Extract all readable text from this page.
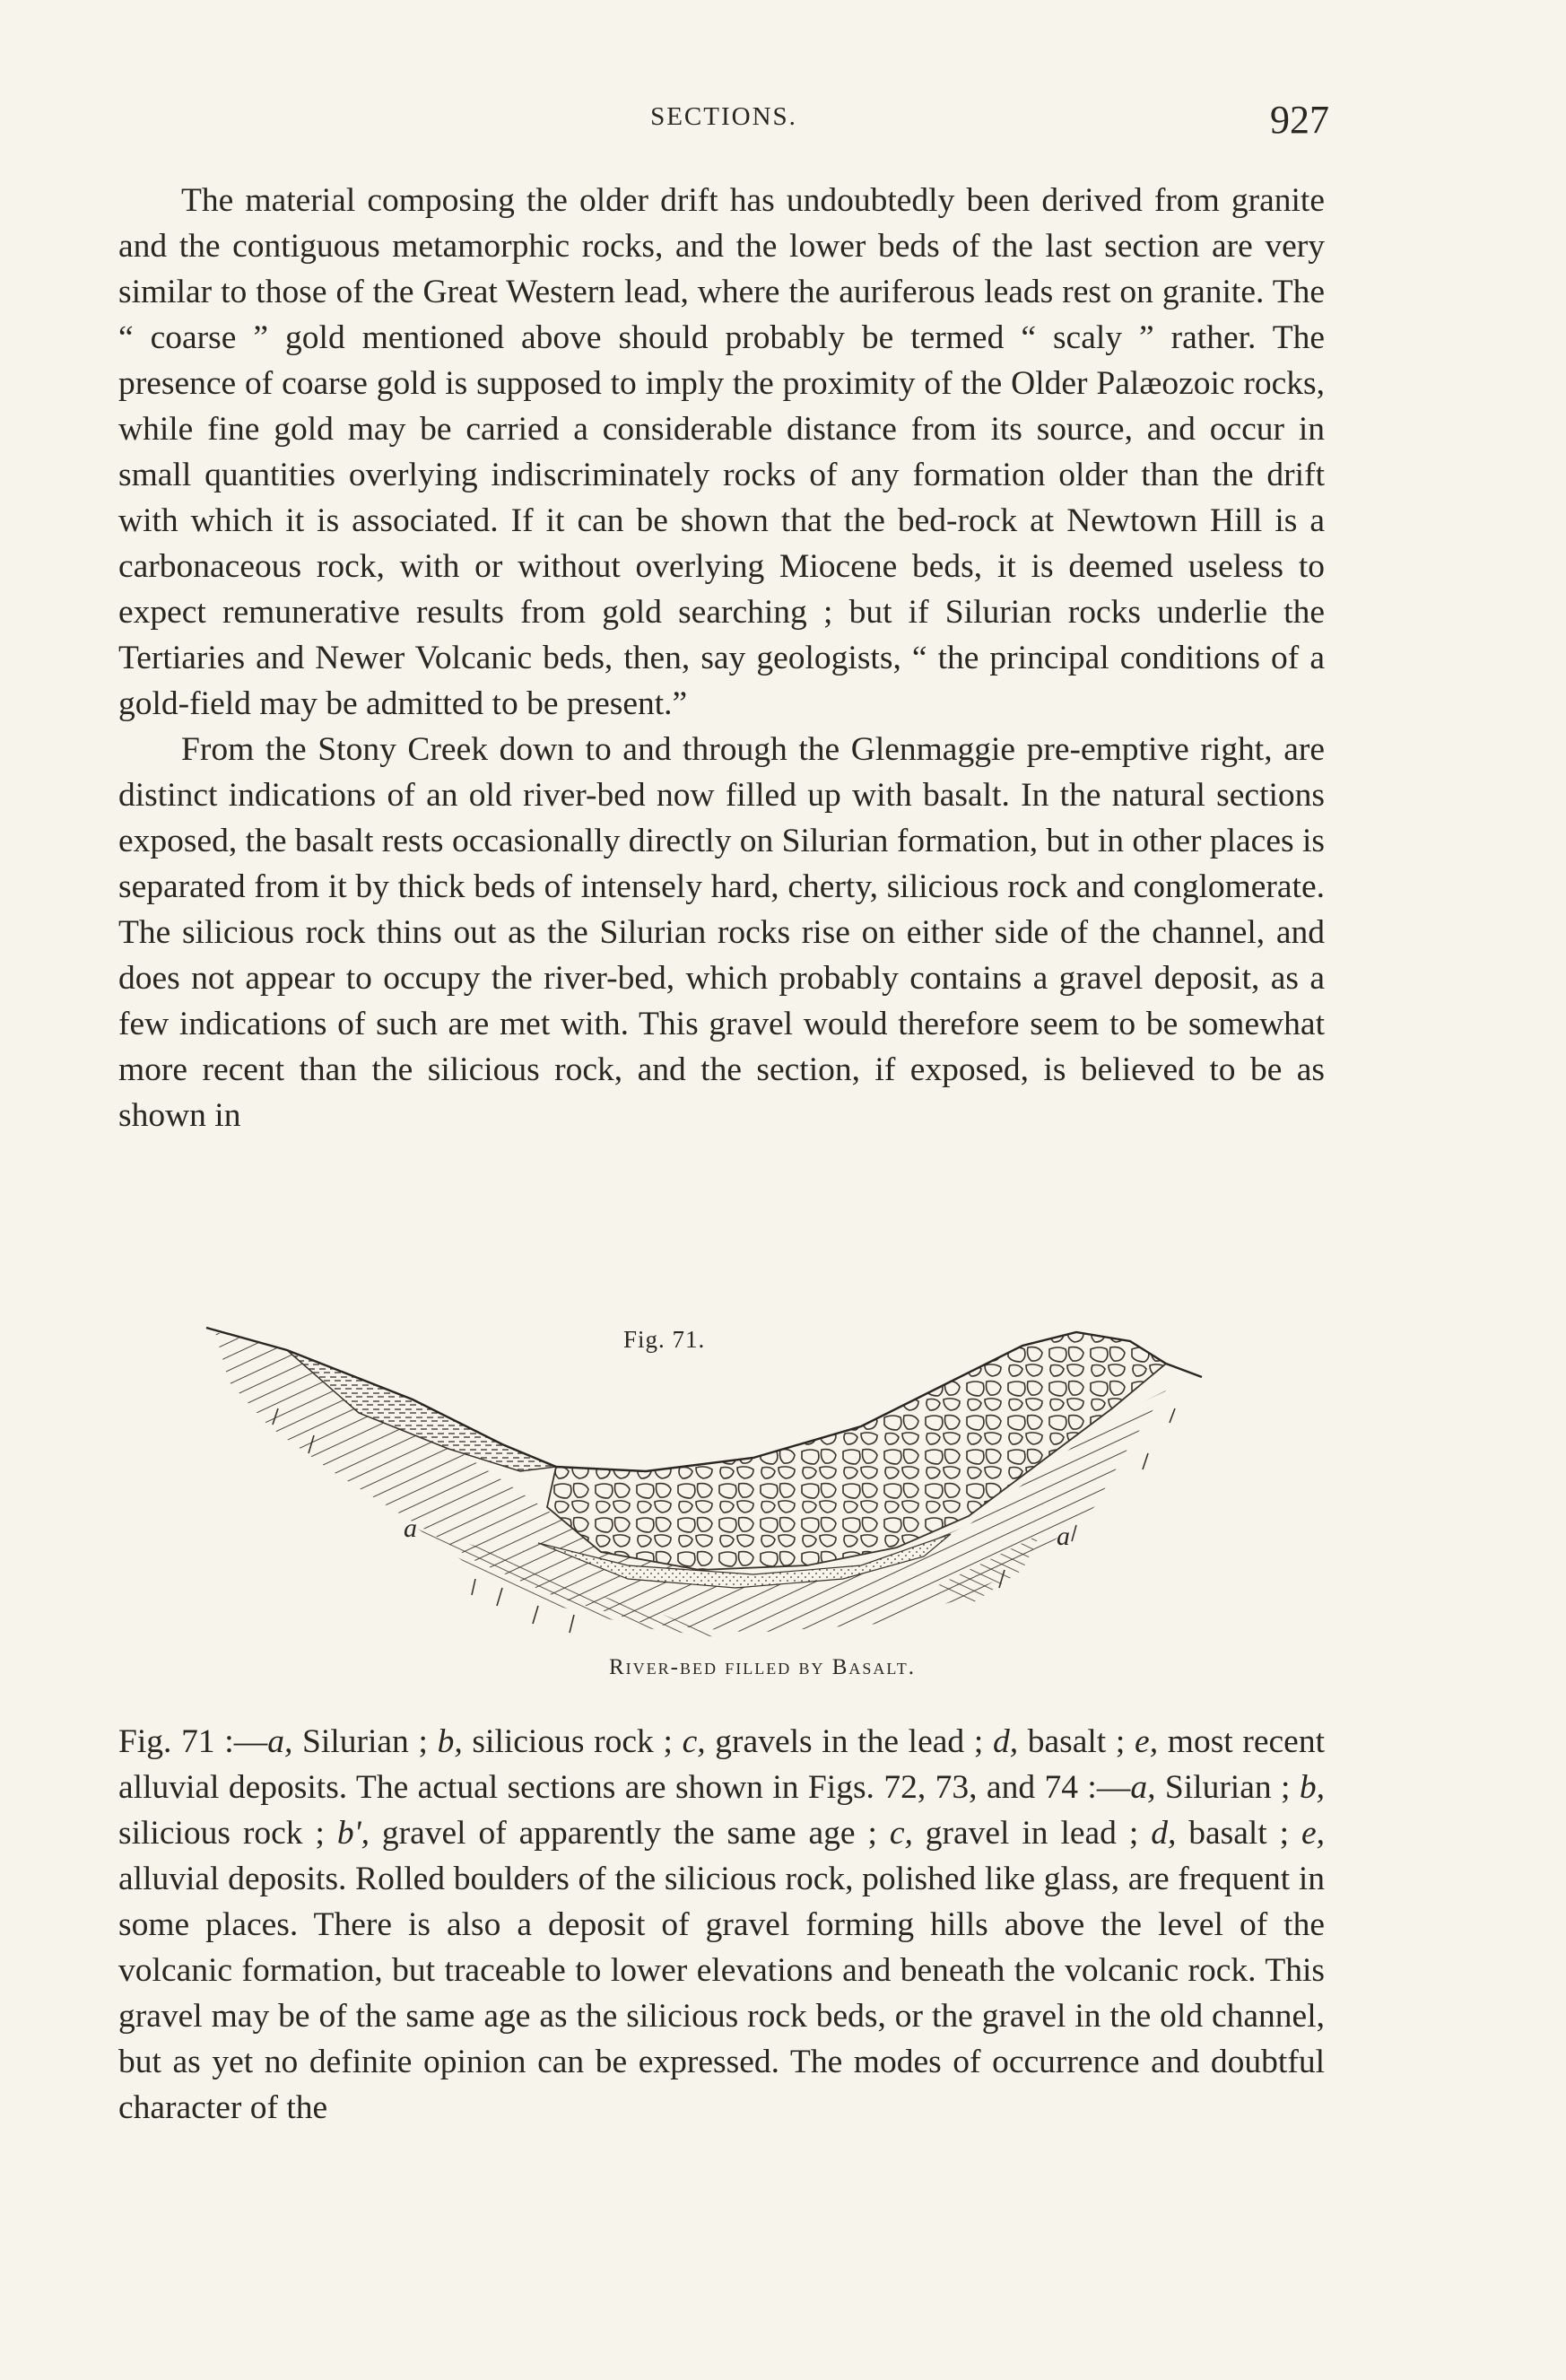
SECTIONS.	927

The material composing the older drift has undoubtedly been derived from granite and the contiguous metamorphic rocks, and the lower beds of the last section are very similar to those of the Great Western lead, where the auriferous leads rest on granite. The “ coarse ” gold mentioned above should probably be termed “ scaly ” rather. The presence of coarse gold is supposed to imply the proximity of the Older Palæozoic rocks, while fine gold may be carried a considerable distance from its source, and occur in small quantities overlying indiscriminately rocks of any formation older than the drift with which it is associated. If it can be shown that the bed-rock at Newtown Hill is a carbonaceous rock, with or without overlying Miocene beds, it is deemed useless to expect remunerative results from gold searching ; but if Silurian rocks underlie the Tertiaries and Newer Volcanic beds, then, say geologists, “ the principal conditions of a gold-field may be admitted to be present.”

From the Stony Creek down to and through the Glenmaggie pre-emptive right, are distinct indications of an old river-bed now filled up with basalt. In the natural sections exposed, the basalt rests occasionally directly on Silurian formation, but in other places is separated from it by thick beds of intensely hard, cherty, silicious rock and conglomerate. The silicious rock thins out as the Silurian rocks rise on either side of the channel, and does not appear to occupy the river-bed, which probably contains a gravel deposit, as a few indications of such are met with. This gravel would therefore seem to be somewhat more recent than the silicious rock, and the section, if exposed, is believed to be as shown in

a	a
Fig. 71.
River-bed filled by Basalt.

Fig. 71 :—a, Silurian ; b, silicious rock ; c, gravels in the lead ; d, basalt ; e, most recent alluvial deposits. The actual sections are shown in Figs. 72, 73, and 74 :—a, Silurian ; b, silicious rock ; b', gravel of apparently the same age ; c, gravel in lead ; d, basalt ; e, alluvial deposits. Rolled boulders of the silicious rock, polished like glass, are frequent in some places. There is also a deposit of gravel forming hills above the level of the volcanic formation, but traceable to lower elevations and beneath the volcanic rock. This gravel may be of the same age as the silicious rock beds, or the gravel in the old channel, but as yet no definite opinion can be expressed. The modes of occurrence and doubtful character of the
